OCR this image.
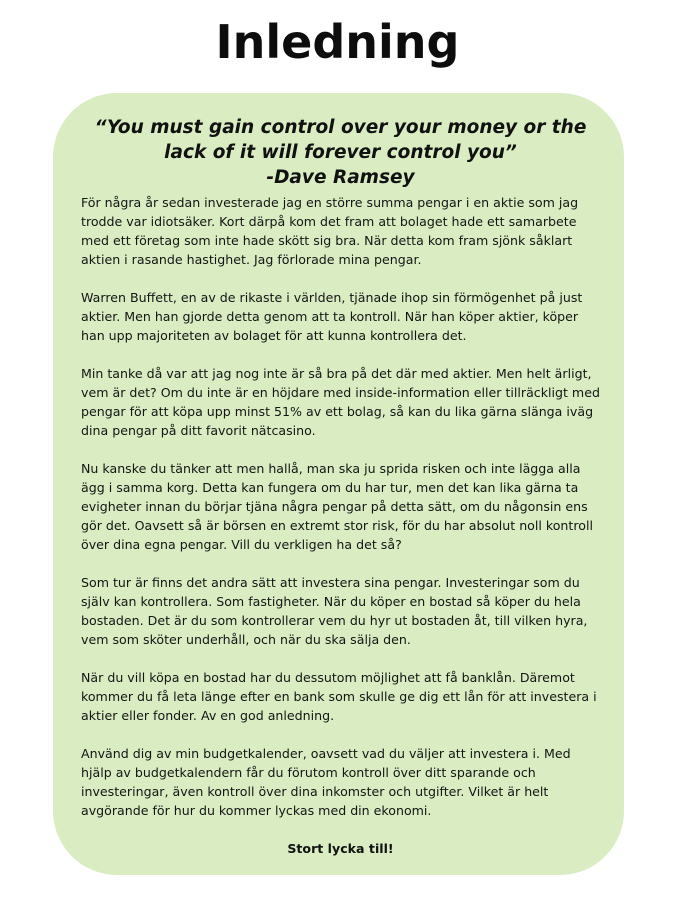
Inledning

“You must gain control over your money or the
lack of it will forever control you”
-Dave Ramsey

För några år sedan investerade jag en större summa pengar i en aktie som jag trodde var idiotsäker. Kort därpå kom det fram att bolaget hade ett samarbete med ett företag som inte hade skött sig bra. När detta kom fram sjönk såklart aktien i rasande hastighet. Jag förlorade mina pengar.

Warren Buffett, en av de rikaste i världen, tjänade ihop sin förmögenhet på just aktier. Men han gjorde detta genom att ta kontroll. När han köper aktier, köper han upp majoriteten av bolaget för att kunna kontrollera det.

Min tanke då var att jag nog inte är så bra på det där med aktier. Men helt ärligt, vem är det? Om du inte är en höjdare med inside-information eller tillräckligt med pengar för att köpa upp minst 51% av ett bolag, så kan du lika gärna slänga iväg dina pengar på ditt favorit nätcasino.

Nu kanske du tänker att men hallå, man ska ju sprida risken och inte lägga alla ägg i samma korg. Detta kan fungera om du har tur, men det kan lika gärna ta evigheter innan du börjar tjäna några pengar på detta sätt, om du någonsin ens gör det. Oavsett så är börsen en extremt stor risk, för du har absolut noll kontroll över dina egna pengar. Vill du verkligen ha det så?

Som tur är finns det andra sätt att investera sina pengar. Investeringar som du själv kan kontrollera. Som fastigheter. När du köper en bostad så köper du hela bostaden. Det är du som kontrollerar vem du hyr ut bostaden åt, till vilken hyra, vem som sköter underhåll, och när du ska sälja den.

När du vill köpa en bostad har du dessutom möjlighet att få banklån. Däremot kommer du få leta länge efter en bank som skulle ge dig ett lån för att investera i aktier eller fonder. Av en god anledning.

Använd dig av min budgetkalender, oavsett vad du väljer att investera i. Med hjälp av budgetkalendern får du förutom kontroll över ditt sparande och investeringar, även kontroll över dina inkomster och utgifter. Vilket är helt avgörande för hur du kommer lyckas med din ekonomi.

Stort lycka till!
